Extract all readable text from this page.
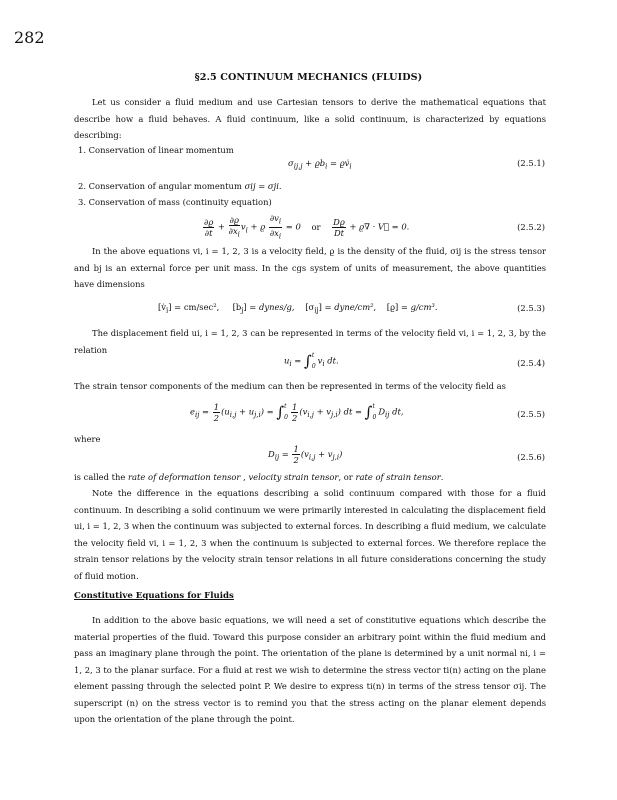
282
§2.5 CONTINUUM MECHANICS (FLUIDS)
Let us consider a fluid medium and use Cartesian tensors to derive the mathematical equations that describe how a fluid behaves. A fluid continuum, like a solid continuum, is characterized by equations describing:
1. Conservation of linear momentum
$\sigma_{ij,j} + ϱb_i$ = $ϱv̇_i$	(2.5.1)
2. Conservation of angular momentum σij = σji.
3. Conservation of mass (continuity equation)
$\frac{\partial ϱ}{\partial t} + \frac{\partial ϱ}{\partial x_i} v_i + ϱ \frac{\partial v_i}{\partial x_i} = 0$ or $\frac{Dϱ}{Dt} + ϱ\nabla$ · V⃗ = 0.	(2.5.2)
In the above equations vi, i = 1, 2, 3 is a velocity field, ϱ is the density of the fluid, σij is the stress tensor and bj is an external force per unit mass. In the cgs system of units of measurement, the above quantities have dimensions
$[v̇_i] = cm/\sec^2$,     $[b_j]$ = dynes/g,    $[\sigma_{ij}]$ = dyne/cm²,    [ϱ] = g/cm³.	(2.5.3)
The displacement field ui, i = 1, 2, 3 can be represented in terms of the velocity field vi, i = 1, 2, 3, by the relation
$u_i = \int t$
$0v_i$ dt.	(2.5.4)
The strain tensor components of the medium can then be represented in terms of the velocity field as
$e_{ij} = \frac{1}{2} (u_{i,j} + u_{j,i}) = \int t$
$0 \frac{1}{2} (v_{i,j} + v_{j,i})$ dt = ∫t
$0D_{ij}$ dt,	(2.5.5)
where
$D_{ij} = \frac{1}{2} (v_{i,j} + v_{j,i})$	(2.5.6)
is called the rate of deformation tensor , velocity strain tensor, or rate of strain tensor.
Note the difference in the equations describing a solid continuum compared with those for a fluid continuum. In describing a solid continuum we were primarily interested in calculating the displacement field ui, i = 1, 2, 3 when the continuum was subjected to external forces. In describing a fluid medium, we calculate the velocity field vi, i = 1, 2, 3 when the continuum is subjected to external forces. We therefore replace the strain tensor relations by the velocity strain tensor relations in all future considerations concerning the study of fluid motion.
Constitutive Equations for Fluids
In addition to the above basic equations, we will need a set of constitutive equations which describe the material properties of the fluid. Toward this purpose consider an arbitrary point within the fluid medium and pass an imaginary plane through the point. The orientation of the plane is determined by a unit normal ni, i = 1, 2, 3 to the planar surface. For a fluid at rest we wish to determine the stress vector ti(n) acting on the plane element passing through the selected point P. We desire to express ti(n) in terms of the stress tensor σij. The superscript (n) on the stress vector is to remind you that the stress acting on the planar element depends upon the orientation of the plane through the point.
